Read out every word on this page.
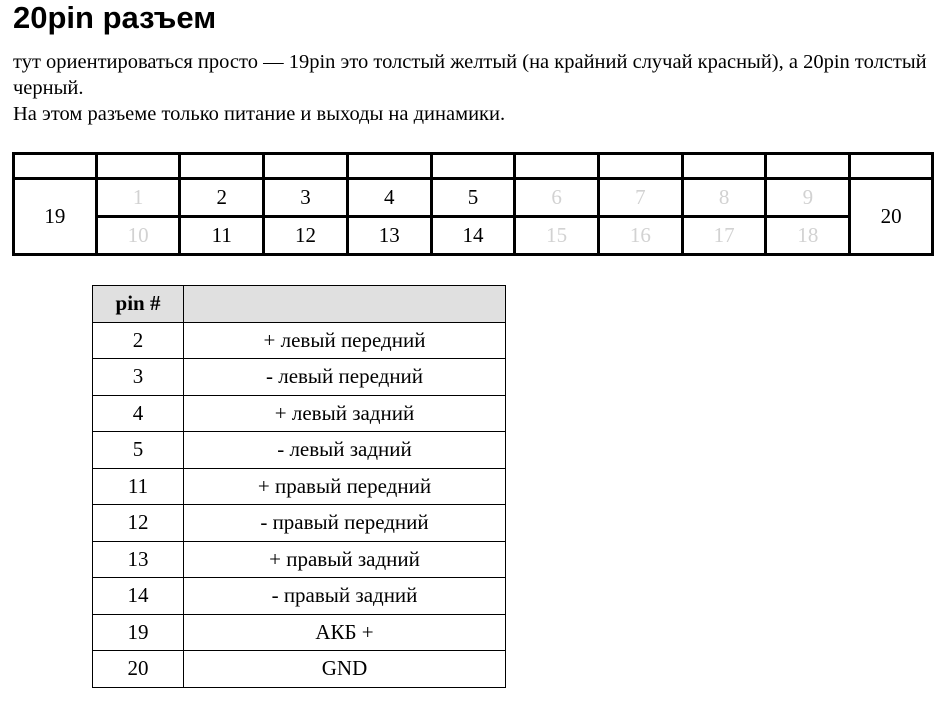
20pin разъем

тут ориентироваться просто — 19pin это толстый желтый (на крайний случай красный), а 20pin толстый черный.

На этом разъеме только питание и выходы на динамики.

19	1	2	3	4	5	6	7	8	9	20
	10	11	12	13	14	15	16	17	18	
pin #	
2	+ левый передний
3	- левый передний
4	+ левый задний
5	- левый задний
11	+ правый передний
12	- правый передний
13	+ правый задний
14	- правый задний
19	АКБ +
20	GND
